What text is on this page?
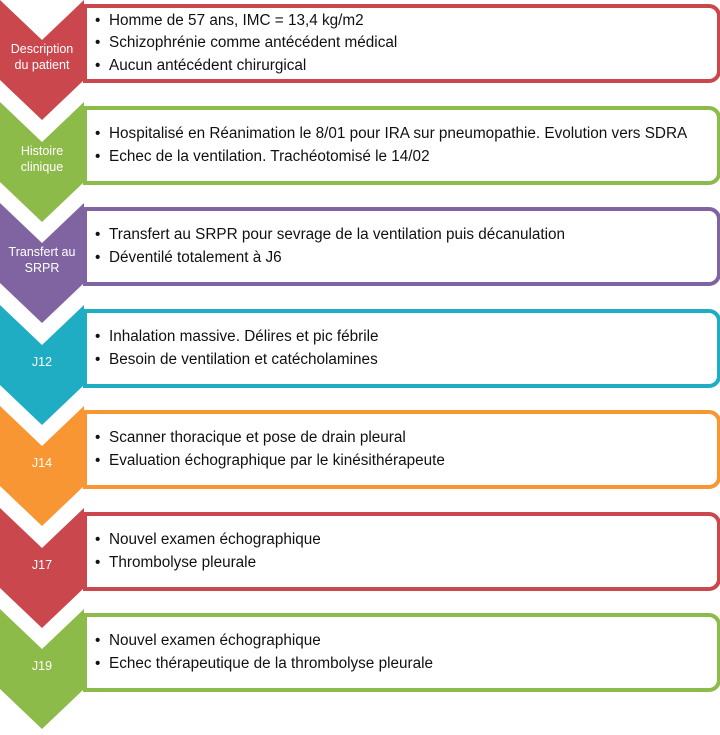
Description
du patient
• Homme de 57 ans, IMC = 13,4 kg/m2
• Schizophrénie comme antécédent médical
• Aucun antécédent chirurgical
Histoire
clinique
• Hospitalisé en Réanimation le 8/01 pour IRA sur pneumopathie. Evolution vers SDRA
• Echec de la ventilation. Trachéotomisé le 14/02
Transfert au
SRPR
• Transfert au SRPR pour sevrage de la ventilation puis décanulation
• Déventilé totalement à J6
J12
• Inhalation massive. Délires et pic fébrile
• Besoin de ventilation et catécholamines
J14
• Scanner thoracique et pose de drain pleural
• Evaluation échographique par le kinésithérapeute
J17
• Nouvel examen échographique
• Thrombolyse pleurale
J19
• Nouvel examen échographique
• Echec thérapeutique de la thrombolyse pleurale
